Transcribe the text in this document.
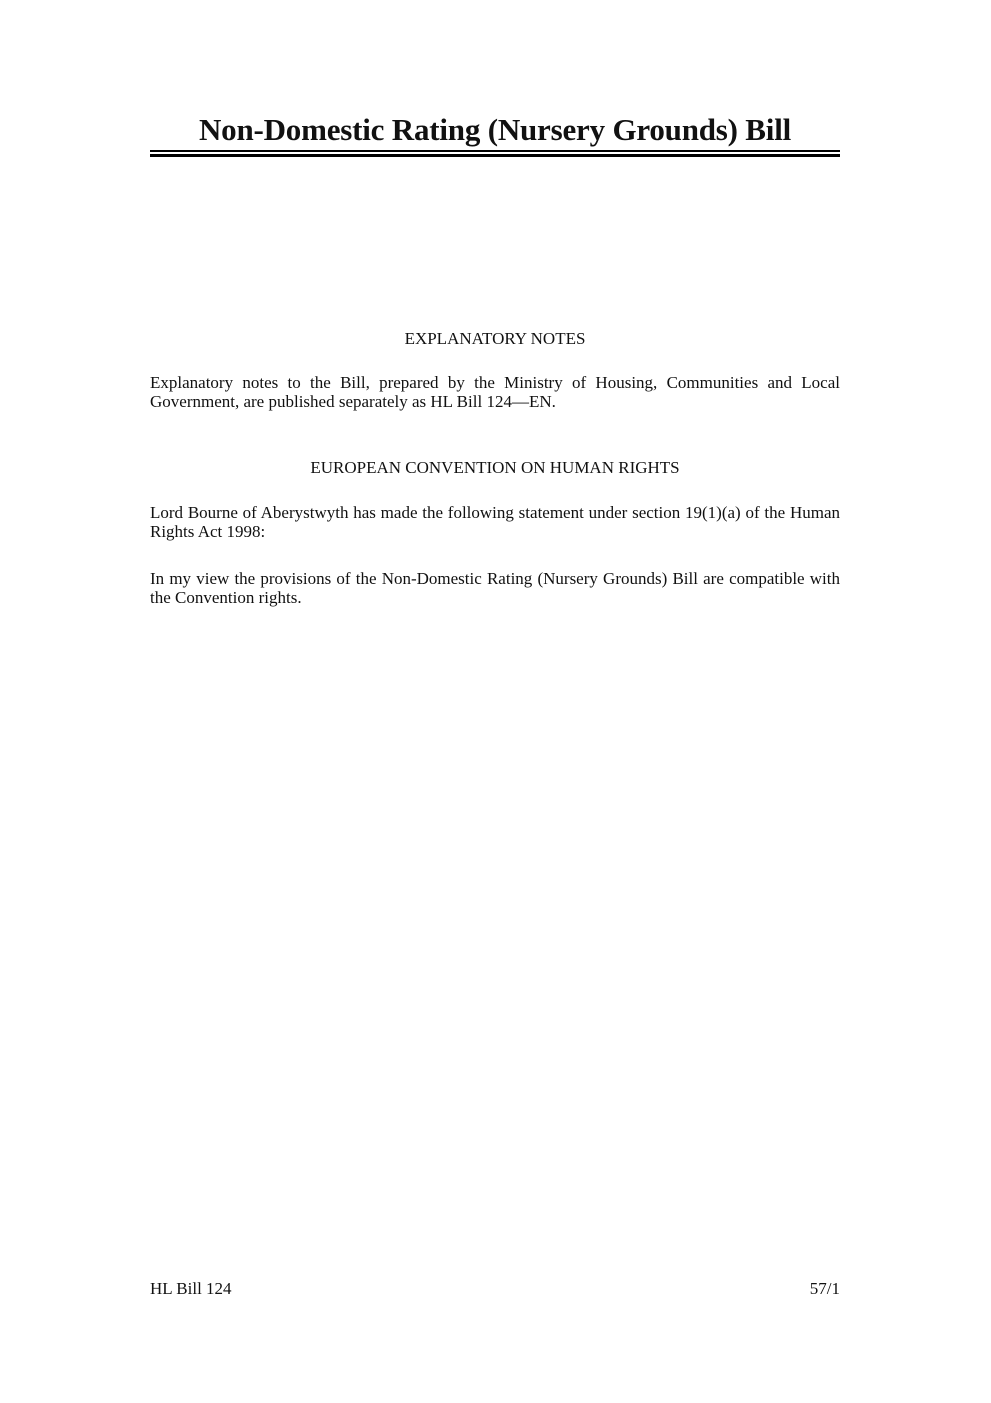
Non-Domestic Rating (Nursery Grounds) Bill
EXPLANATORY NOTES
Explanatory notes to the Bill, prepared by the Ministry of Housing, Communities and Local Government, are published separately as HL Bill 124—EN.
EUROPEAN CONVENTION ON HUMAN RIGHTS
Lord Bourne of Aberystwyth has made the following statement under section 19(1)(a) of the Human Rights Act 1998:
In my view the provisions of the Non-Domestic Rating (Nursery Grounds) Bill are compatible with the Convention rights.
HL Bill 124	57/1
